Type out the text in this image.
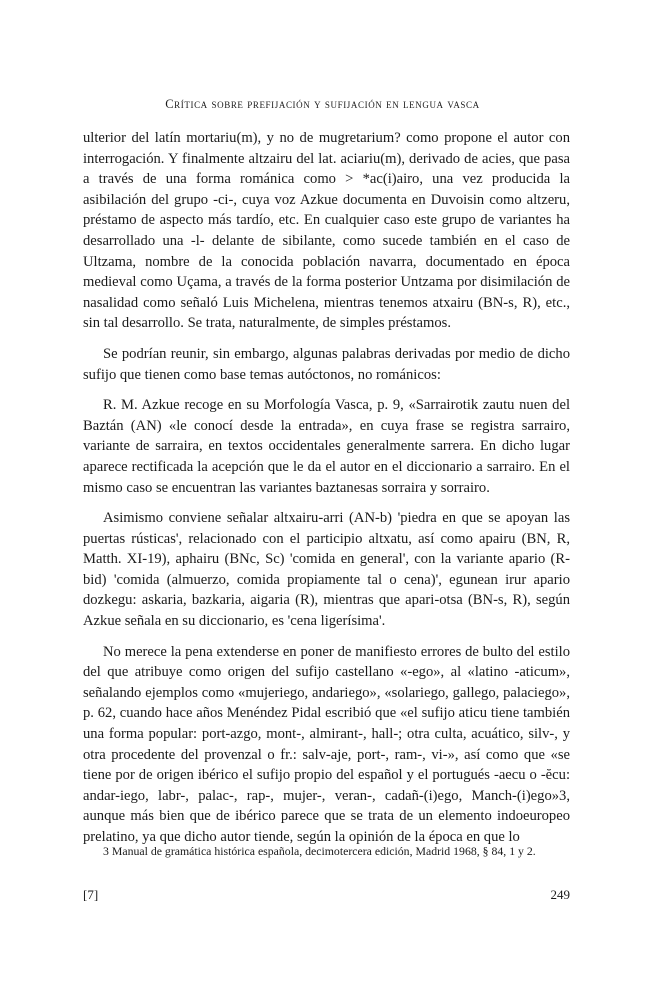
Crítica sobre prefijación y sufijación en lengua vasca

ulterior del latín mortariu(m), y no de mugretarium? como propone el autor con interrogación. Y finalmente altzairu del lat. aciariu(m), derivado de acies, que pasa a través de una forma románica como > *ac(i)airo, una vez producida la asibilación del grupo -ci-, cuya voz Azkue documenta en Duvoisin como altzeru, préstamo de aspecto más tardío, etc. En cualquier caso este grupo de variantes ha desarrollado una -l- delante de sibilante, como sucede también en el caso de Ultzama, nombre de la conocida población navarra, documentado en época medieval como Uçama, a través de la forma posterior Untzama por disimilación de nasalidad como señaló Luis Michelena, mientras tenemos atxairu (BN-s, R), etc., sin tal desarrollo. Se trata, naturalmente, de simples préstamos.

Se podrían reunir, sin embargo, algunas palabras derivadas por medio de dicho sufijo que tienen como base temas autóctonos, no románicos:

R. M. Azkue recoge en su Morfología Vasca, p. 9, «Sarrairotik zautu nuen del Baztán (AN) «le conocí desde la entrada», en cuya frase se registra sarrairo, variante de sarraira, en textos occidentales generalmente sarrera. En dicho lugar aparece rectificada la acepción que le da el autor en el diccionario a sarrairo. En el mismo caso se encuentran las variantes baztanesas sorraira y sorrairo.

Asimismo conviene señalar altxairu-arri (AN-b) 'piedra en que se apoyan las puertas rústicas', relacionado con el participio altxatu, así como apairu (BN, R, Matth. XI-19), aphairu (BNc, Sc) 'comida en general', con la variante apario (R-bid) 'comida (almuerzo, comida propiamente tal o cena)', egunean irur apario dozkegu: askaria, bazkaria, aigaria (R), mientras que apari-otsa (BN-s, R), según Azkue señala en su diccionario, es 'cena ligerísima'.

No merece la pena extenderse en poner de manifiesto errores de bulto del estilo del que atribuye como origen del sufijo castellano «-ego», al «latino -aticum», señalando ejemplos como «mujeriego, andariego», «solariego, gallego, palaciego», p. 62, cuando hace años Menéndez Pidal escribió que «el sufijo aticu tiene también una forma popular: port-azgo, mont-, almirant-, hall-; otra culta, acuático, silv-, y otra procedente del provenzal o fr.: salv-aje, port-, ram-, vi-», así como que «se tiene por de origen ibérico el sufijo propio del español y el portugués -aecu o -ĕcu: andar-iego, labr-, palac-, rap-, mujer-, veran-, cadañ-(i)ego, Manch-(i)ego»3, aunque más bien que de ibérico parece que se trata de un elemento indoeuropeo prelatino, ya que dicho autor tiende, según la opinión de la época en que lo

3 Manual de gramática histórica española, decimotercera edición, Madrid 1968, § 84, 1 y 2.

[7]	249
